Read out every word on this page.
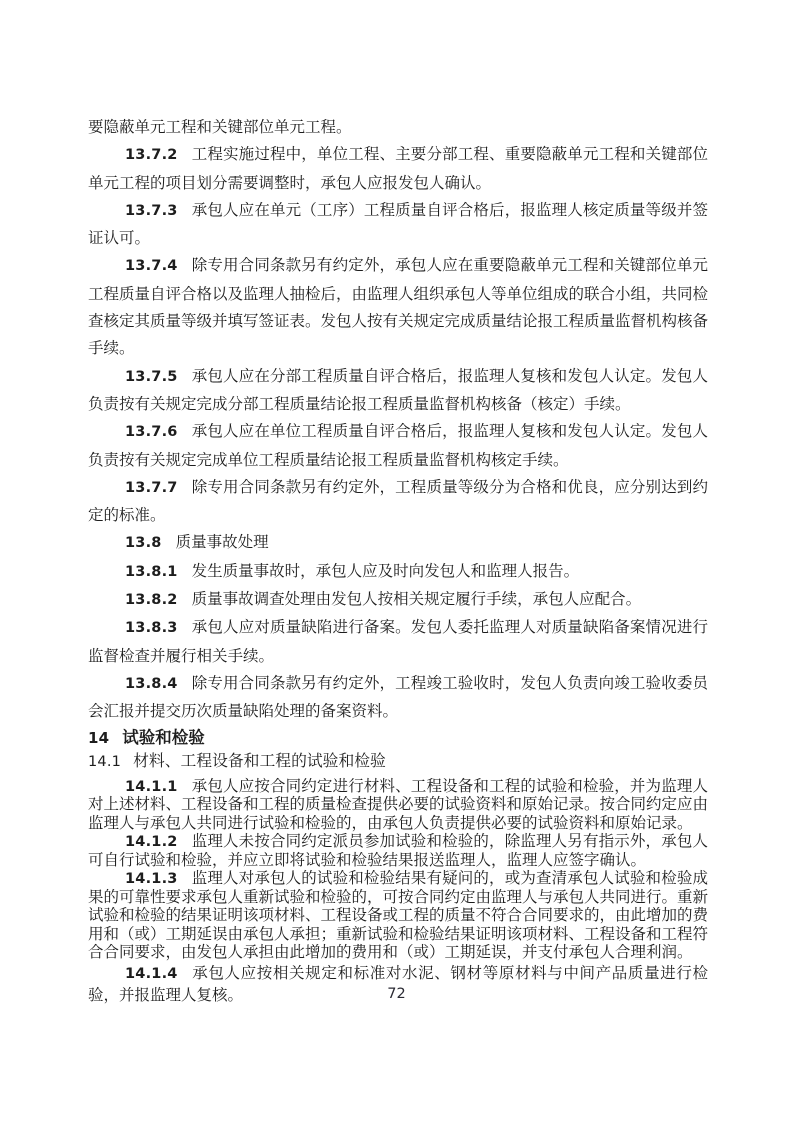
要隐蔽单元工程和关键部位单元工程。

13.7.2 工程实施过程中，单位工程、主要分部工程、重要隐蔽单元工程和关键部位单元工程的项目划分需要调整时，承包人应报发包人确认。

13.7.3 承包人应在单元（工序）工程质量自评合格后，报监理人核定质量等级并签证认可。

13.7.4 除专用合同条款另有约定外，承包人应在重要隐蔽单元工程和关键部位单元工程质量自评合格以及监理人抽检后，由监理人组织承包人等单位组成的联合小组，共同检查核定其质量等级并填写签证表。发包人按有关规定完成质量结论报工程质量监督机构核备手续。

13.7.5 承包人应在分部工程质量自评合格后，报监理人复核和发包人认定。发包人负责按有关规定完成分部工程质量结论报工程质量监督机构核备（核定）手续。

13.7.6 承包人应在单位工程质量自评合格后，报监理人复核和发包人认定。发包人负责按有关规定完成单位工程质量结论报工程质量监督机构核定手续。

13.7.7 除专用合同条款另有约定外，工程质量等级分为合格和优良，应分别达到约定的标准。

13.8 质量事故处理

13.8.1 发生质量事故时，承包人应及时向发包人和监理人报告。

13.8.2 质量事故调查处理由发包人按相关规定履行手续，承包人应配合。

13.8.3 承包人应对质量缺陷进行备案。发包人委托监理人对质量缺陷备案情况进行监督检查并履行相关手续。

13.8.4 除专用合同条款另有约定外，工程竣工验收时，发包人负责向竣工验收委员会汇报并提交历次质量缺陷处理的备案资料。

14 试验和检验
14.1 材料、工程设备和工程的试验和检验

14.1.1 承包人应按合同约定进行材料、工程设备和工程的试验和检验，并为监理人对上述材料、工程设备和工程的质量检查提供必要的试验资料和原始记录。按合同约定应由监理人与承包人共同进行试验和检验的，由承包人负责提供必要的试验资料和原始记录。

14.1.2 监理人未按合同约定派员参加试验和检验的，除监理人另有指示外，承包人可自行试验和检验，并应立即将试验和检验结果报送监理人，监理人应签字确认。

14.1.3 监理人对承包人的试验和检验结果有疑问的，或为查清承包人试验和检验成果的可靠性要求承包人重新试验和检验的，可按合同约定由监理人与承包人共同进行。重新试验和检验的结果证明该项材料、工程设备或工程的质量不符合合同要求的，由此增加的费用和（或）工期延误由承包人承担；重新试验和检验结果证明该项材料、工程设备和工程符合合同要求，由发包人承担由此增加的费用和（或）工期延误，并支付承包人合理利润。

14.1.4 承包人应按相关规定和标准对水泥、钢材等原材料与中间产品质量进行检验，并报监理人复核。	72
